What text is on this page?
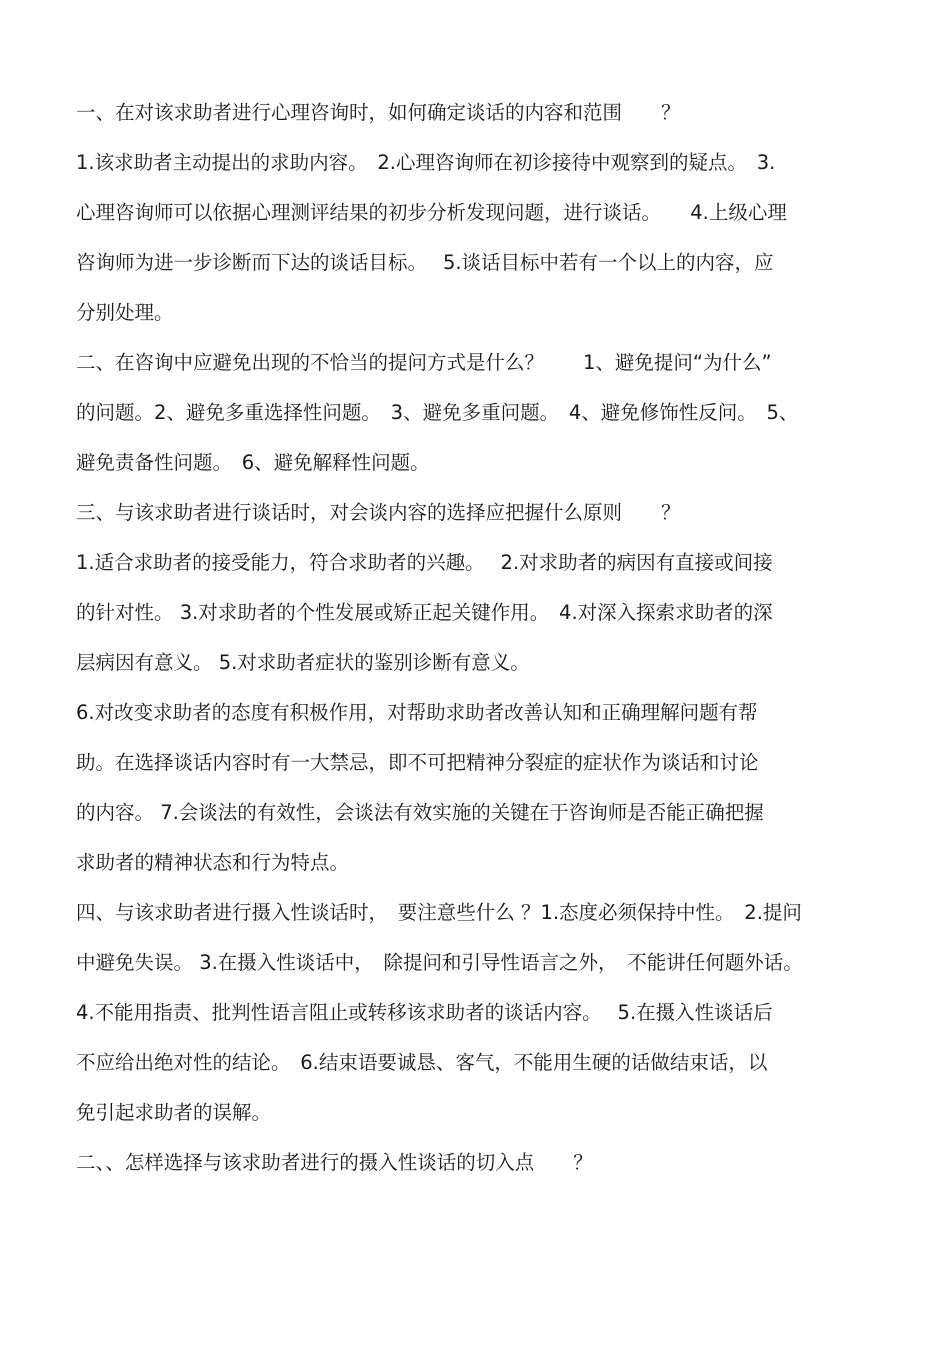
一、在对该求助者进行心理咨询时，如何确定谈话的内容和范围　　？
1.该求助者主动提出的求助内容。　2.心理咨询师在初诊接待中观察到的疑点。　3.
心理咨询师可以依据心理测评结果的初步分析发现问题，进行谈话。　　4.上级心理
咨询师为进一步诊断而下达的谈话目标。　 5.谈话目标中若有一个以上的内容，应
分别处理。
二、在咨询中应避免出现的不恰当的提问方式是什么？　　1、避免提问“为什么”
的问题。2、避免多重选择性问题。　3、避免多重问题。　4、避免修饰性反问。　5、
避免责备性问题。　6、避免解释性问题。
三、与该求助者进行谈话时，对会谈内容的选择应把握什么原则　　？
1.适合求助者的接受能力，符合求助者的兴趣。　 2.对求助者的病因有直接或间接
的针对性。 3.对求助者的个性发展或矫正起关键作用。　4.对深入探索求助者的深
层病因有意义。 5.对求助者症状的鉴别诊断有意义。
6.对改变求助者的态度有积极作用，对帮助求助者改善认知和正确理解问题有帮
助。在选择谈话内容时有一大禁忌，即不可把精神分裂症的症状作为谈话和讨论
的内容。 7.会谈法的有效性，会谈法有效实施的关键在于咨询师是否能正确把握
求助者的精神状态和行为特点。
四、与该求助者进行摄入性谈话时，　要注意些什么 ？1.态度必须保持中性。　2.提问
中避免失误。 3.在摄入性谈话中，　除提问和引导性语言之外，　不能讲任何题外话。
4.不能用指责、批判性语言阻止或转移该求助者的谈话内容。　 5.在摄入性谈话后
不应给出绝对性的结论。　6.结束语要诚恳、客气，不能用生硬的话做结束话，以
免引起求助者的误解。
二、、怎样选择与该求助者进行的摄入性谈话的切入点　　？
